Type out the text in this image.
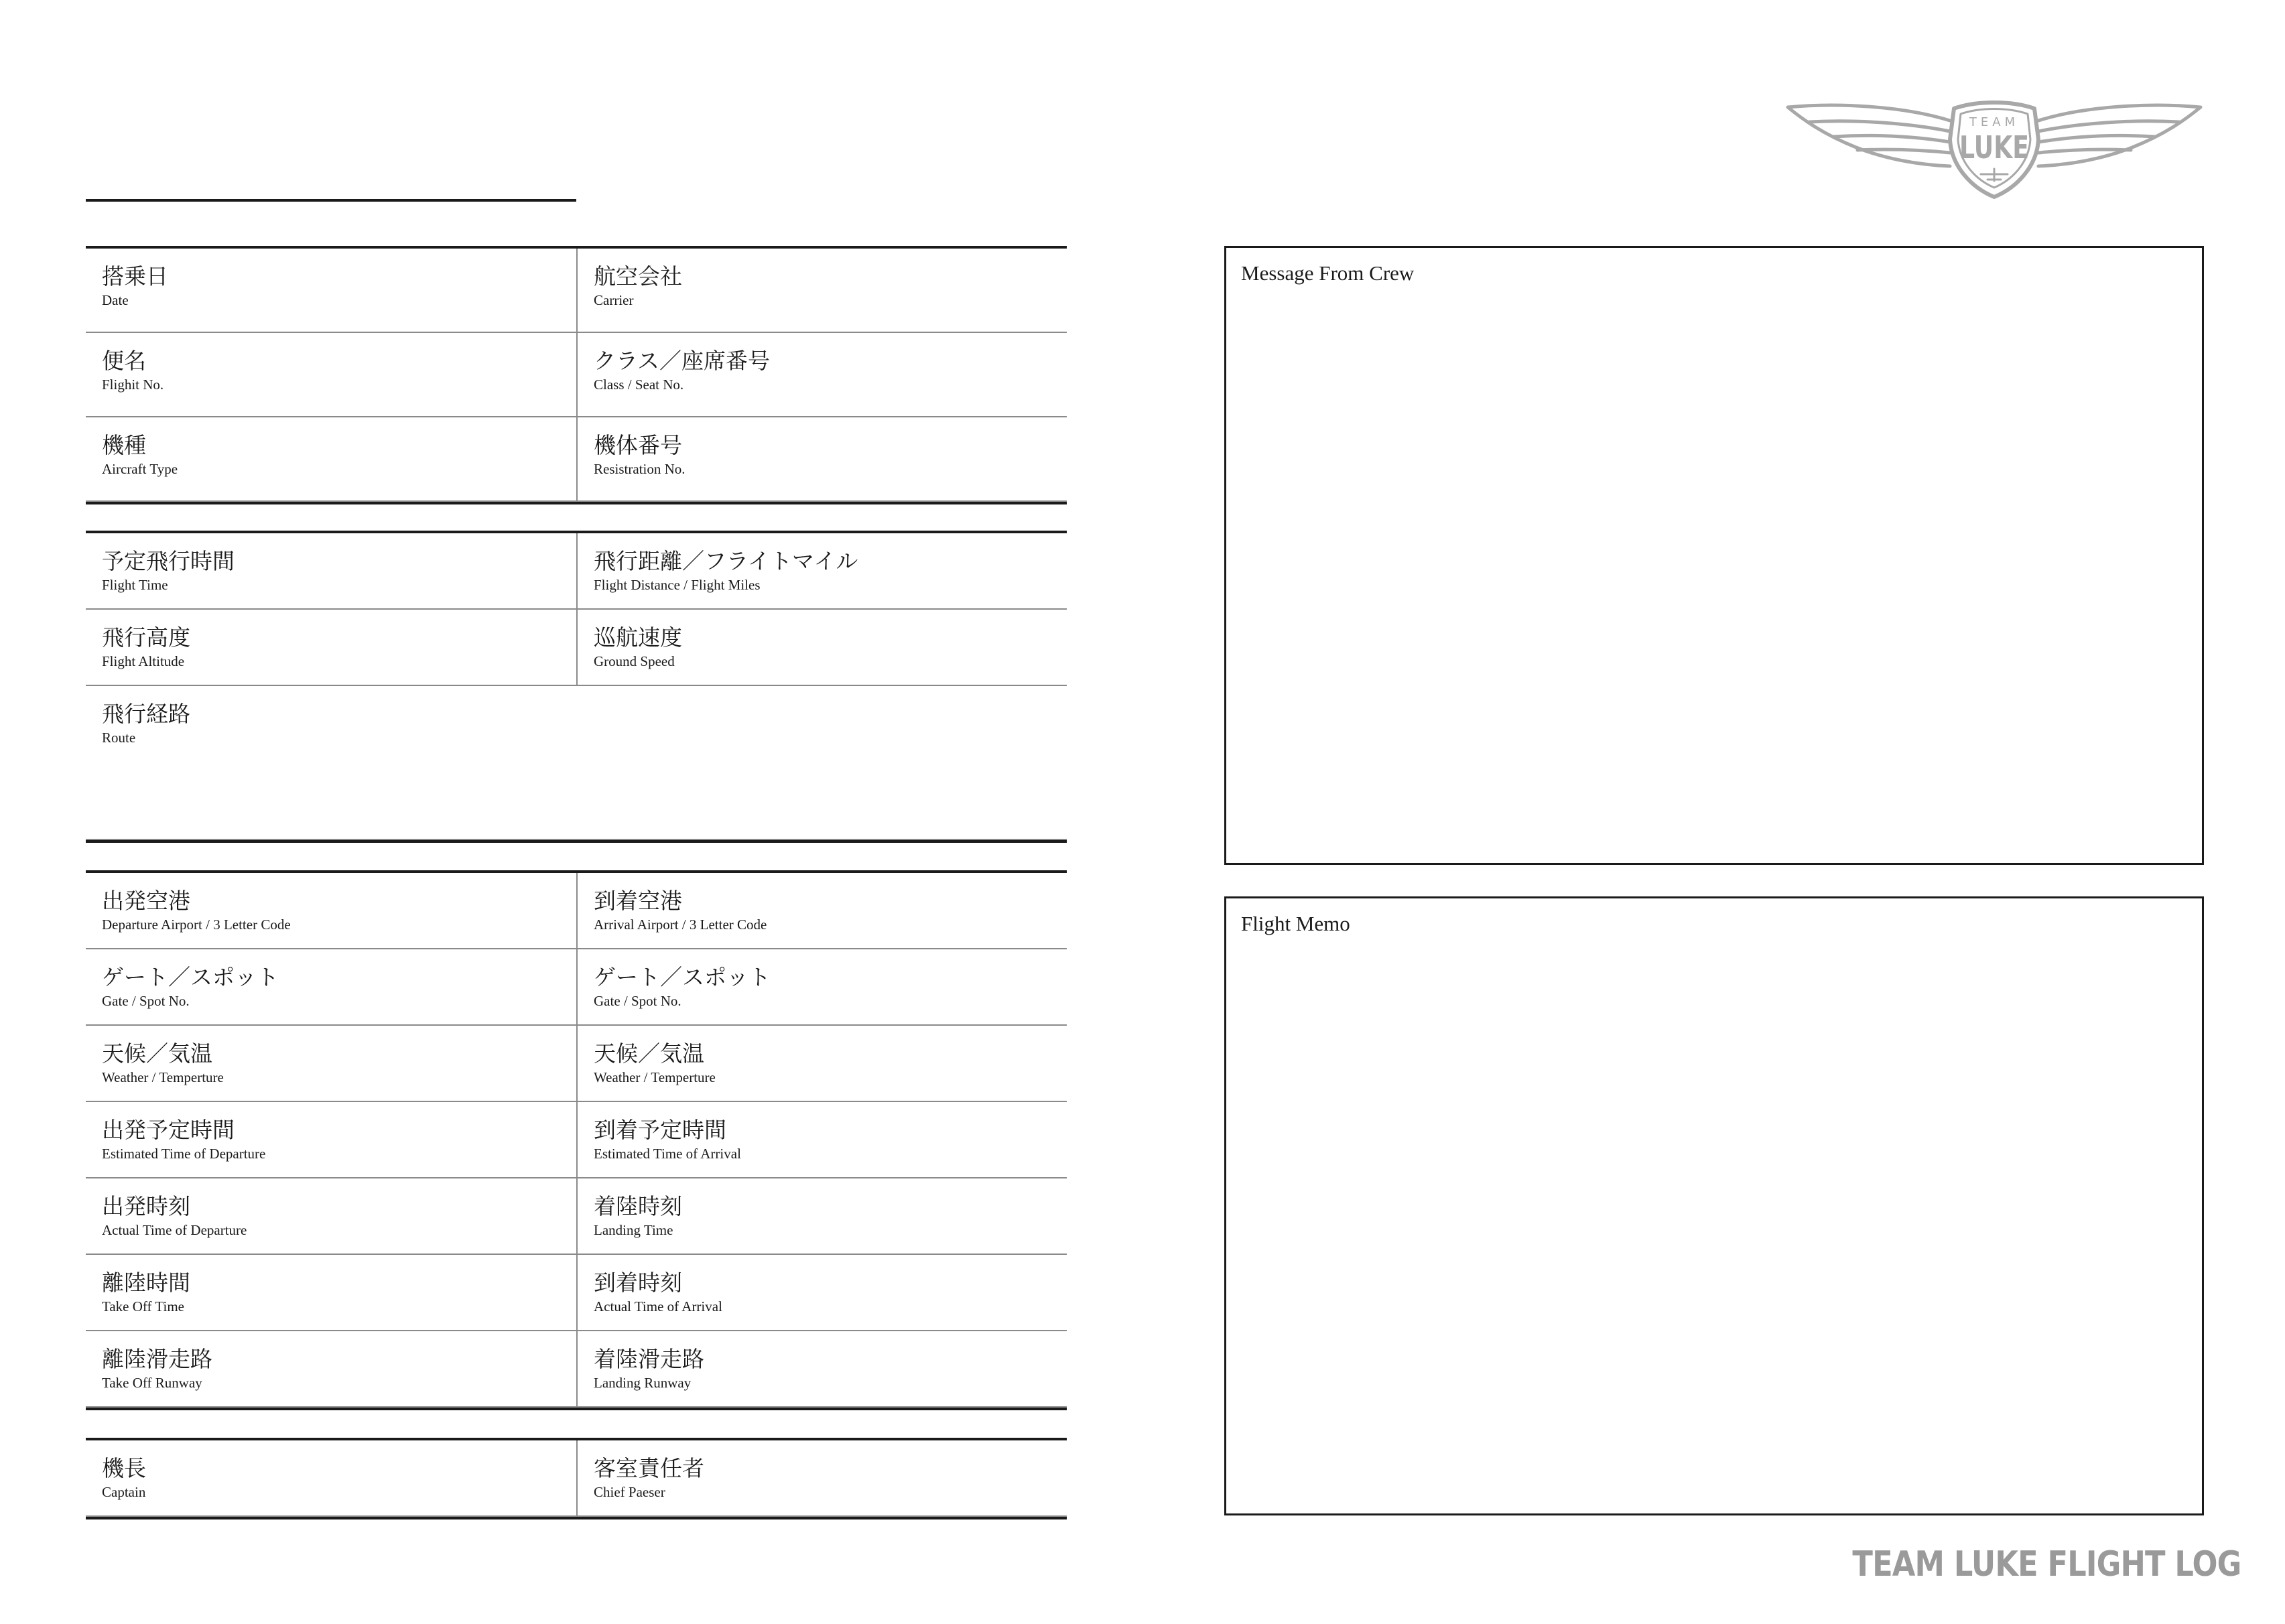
TEAM
LUKE
搭乗日
Date
航空会社
Carrier
便名
Flighit No.
クラス／座席番号
Class / Seat No.
機種
Aircraft Type
機体番号
Resistration No.
予定飛行時間
Flight Time
飛行距離／フライトマイル
Flight Distance / Flight Miles
飛行高度
Flight Altitude
巡航速度
Ground Speed
飛行経路
Route
出発空港
Departure Airport / 3 Letter Code
到着空港
Arrival Airport / 3 Letter Code
ゲート／スポット
Gate / Spot No.
ゲート／スポット
Gate / Spot No.
天候／気温
Weather / Temperture
天候／気温
Weather / Temperture
出発予定時間
Estimated Time of Departure
到着予定時間
Estimated Time of Arrival
出発時刻
Actual Time of Departure
着陸時刻
Landing Time
離陸時間
Take Off Time
到着時刻
Actual Time of Arrival
離陸滑走路
Take Off Runway
着陸滑走路
Landing Runway
機長
Captain
客室責任者
Chief Paeser
Message From Crew
Flight Memo
TEAM LUKE FLIGHT LOG
